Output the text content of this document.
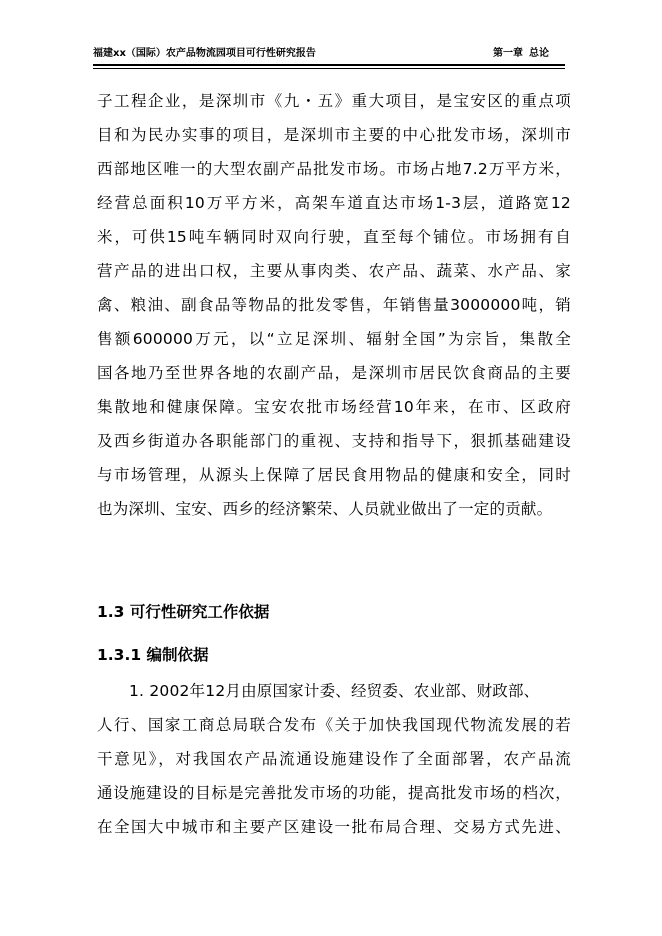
福建xx（国际）农产品物流园项目可行性研究报告	第一章 总论
子工程企业，是深圳市《九・五》重大项目，是宝安区的重点项
目和为民办实事的项目，是深圳市主要的中心批发市场，深圳市
西部地区唯一的大型农副产品批发市场。市场占地7.2万平方米，
经营总面积10万平方米，高架车道直达市场1-3层，道路宽12
米，可供15吨车辆同时双向行驶，直至每个铺位。市场拥有自
营产品的进出口权，主要从事肉类、农产品、蔬菜、水产品、家
禽、粮油、副食品等物品的批发零售，年销售量3000000吨，销
售额600000万元，以“立足深圳、辐射全国”为宗旨，集散全
国各地乃至世界各地的农副产品，是深圳市居民饮食商品的主要
集散地和健康保障。宝安农批市场经营10年来，在市、区政府
及西乡街道办各职能部门的重视、支持和指导下，狠抓基础建设
与市场管理，从源头上保障了居民食用物品的健康和安全，同时
也为深圳、宝安、西乡的经济繁荣、人员就业做出了一定的贡献。
1.3 可行性研究工作依据
1.3.1 编制依据
1. 2002年12月由原国家计委、经贸委、农业部、财政部、
人行、国家工商总局联合发布《关于加快我国现代物流发展的若
干意见》，对我国农产品流通设施建设作了全面部署，农产品流
通设施建设的目标是完善批发市场的功能，提高批发市场的档次，
在全国大中城市和主要产区建设一批布局合理、交易方式先进、
